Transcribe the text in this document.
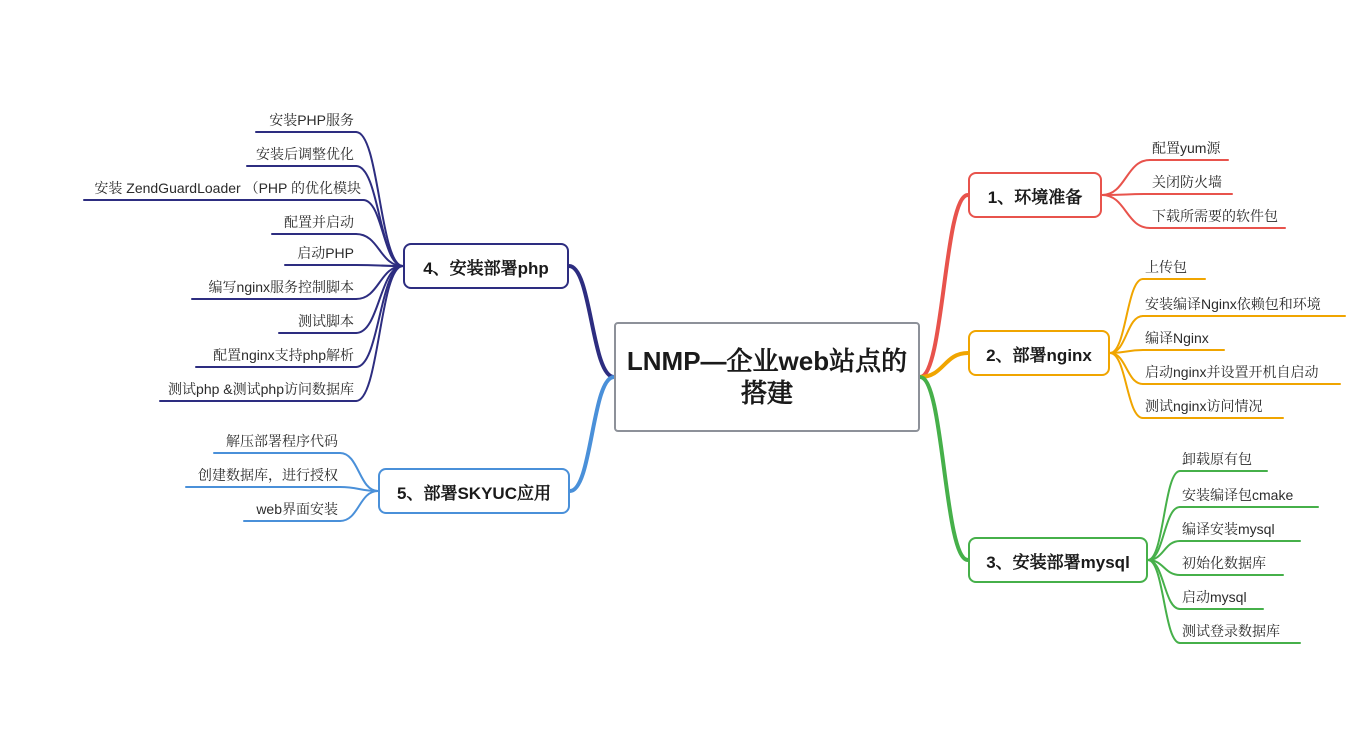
LNMP—企业web站点的搭建
1、环境准备
配置yum源
关闭防火墙
下载所需要的软件包
2、部署nginx
上传包
安装编译Nginx依赖包和环境
编译Nginx
启动nginx并设置开机自启动
测试nginx访问情况
3、安装部署mysql
卸载原有包
安装编译包cmake
编译安装mysql
初始化数据库
启动mysql
测试登录数据库
4、安装部署php
安装PHP服务
安装后调整优化
安装 ZendGuardLoader （PHP 的优化模块
配置并启动
启动PHP
编写nginx服务控制脚本
测试脚本
配置nginx支持php解析
测试php &测试php访问数据库
5、部署SKYUC应用
解压部署程序代码
创建数据库，进行授权
web界面安装
